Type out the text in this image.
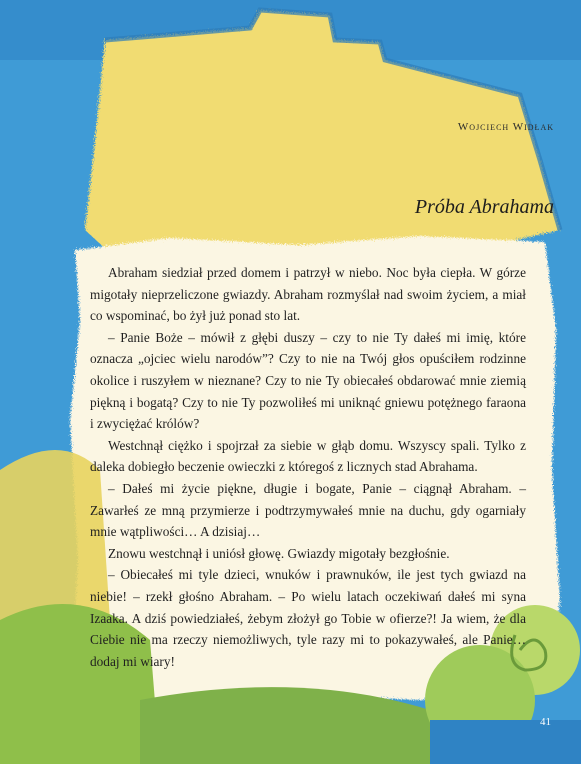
Wojciech Widłak
Próba Abrahama

Abraham siedział przed domem i patrzył w niebo. Noc była ciepła. W górze migotały nieprzeliczone gwiazdy. Abraham rozmyślał nad swoim życiem, a miał co wspominać, bo żył już ponad sto lat.

– Panie Boże – mówił z głębi duszy – czy to nie Ty dałeś mi imię, które oznacza „ojciec wielu narodów”? Czy to nie na Twój głos opuściłem rodzinne okolice i ruszyłem w nieznane? Czy to nie Ty obiecałeś obdarować mnie ziemią piękną i bogatą? Czy to nie Ty pozwoliłeś mi uniknąć gniewu potężnego faraona i zwyciężać królów?

Westchnął ciężko i spojrzał za siebie w głąb domu. Wszyscy spali. Tylko z daleka dobiegło beczenie owieczki z któregoś z licznych stad Abrahama.

– Dałeś mi życie piękne, długie i bogate, Panie – ciągnął Abraham. – Zawarłeś ze mną przymierze i podtrzymywałeś mnie na duchu, gdy ogarniały mnie wątpliwości… A dzisiaj…

Znowu westchnął i uniósł głowę. Gwiazdy migotały bezgłośnie.

– Obiecałeś mi tyle dzieci, wnuków i prawnuków, ile jest tych gwiazd na niebie! – rzekł głośno Abraham. – Po wielu latach oczekiwań dałeś mi syna Izaaka. A dziś powiedziałeś, żebym złożył go Tobie w ofierze?! Ja wiem, że dla Ciebie nie ma rzeczy niemożliwych, tyle razy mi to pokazywałeś, ale Panie… dodaj mi wiary!

41
